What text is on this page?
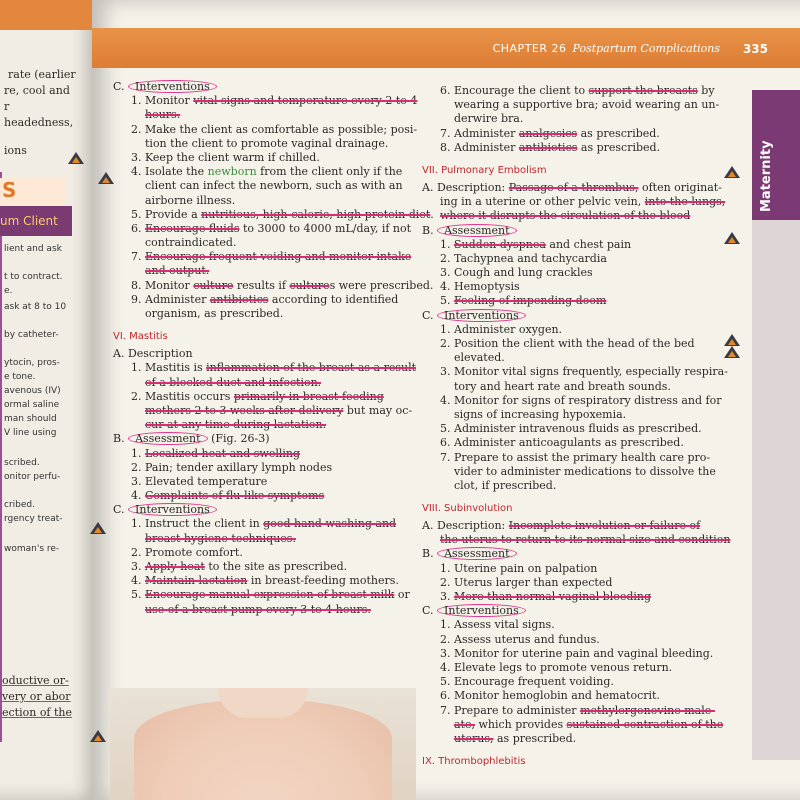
rate (earlier
re, cool and
r
headedness,
ions
lient and ask
t to contract.
e.
ask at 8 to 10
by catheter-
ytocin, pros-
e tone.
avenous (IV)
ormal saline
man should
V line using
scribed.
onitor perfu-
cribed.
rgency treat-
woman's re-
oductive or-
very or abor
ection of the
S
um Client
CHAPTER 26 Postpartum Complications 335
Maternity
C. Interventions
1. Monitor vital signs and temperature every 2 to 4
hours.
2. Make the client as comfortable as possible; posi-
tion the client to promote vaginal drainage.
3. Keep the client warm if chilled.
4. Isolate the newborn from the client only if the
client can infect the newborn, such as with an
airborne illness.
5. Provide a nutritious, high-calorie, high-protein diet
6. Encourage fluids to 3000 to 4000 mL/day, if not
contraindicated.
7. Encourage frequent voiding and monitor intake
and output.
8. Monitor culture results if cultures were prescribed.
9. Administer antibiotics according to identified
organism, as prescribed.
VI. Mastitis
A. Description
1. Mastitis is inflammation of the breast as a result
of a blocked duct and infection.
2. Mastitis occurs primarily in breast-feeding
mothers 2 to 3 weeks after delivery but may oc-
cur at any time during lactation.
B. Assessment (Fig. 26-3)
1. Localized heat and swelling
2. Pain; tender axillary lymph nodes
3. Elevated temperature
4. Complaints of flu-like symptoms
C. Interventions
1. Instruct the client in good hand-washing and
breast hygiene techniques.
2. Promote comfort.
3. Apply heat to the site as prescribed.
4. Maintain lactation in breast-feeding mothers.
5. Encourage manual expression of breast milk or
use of a breast pump every 3 to 4 hours.
6. Encourage the client to support the breasts by
wearing a supportive bra; avoid wearing an un-
derwire bra.
7. Administer analgesics as prescribed.
8. Administer antibiotics as prescribed.
VII. Pulmonary Embolism
A. Description: Passage of a thrombus, often originat-
ing in a uterine or other pelvic vein, into the lungs,
where it disrupts the circulation of the blood
B. Assessment
1. Sudden dyspnea and chest pain
2. Tachypnea and tachycardia
3. Cough and lung crackles
4. Hemoptysis
5. Feeling of impending doom
C. Interventions
1. Administer oxygen.
2. Position the client with the head of the bed
elevated.
3. Monitor vital signs frequently, especially respira-
tory and heart rate and breath sounds.
4. Monitor for signs of respiratory distress and for
signs of increasing hypoxemia.
5. Administer intravenous fluids as prescribed.
6. Administer anticoagulants as prescribed.
7. Prepare to assist the primary health care pro-
vider to administer medications to dissolve the
clot, if prescribed.
VIII. Subinvolution
A. Description: Incomplete involution or failure of
the uterus to return to its normal size and condition
B. Assessment
1. Uterine pain on palpation
2. Uterus larger than expected
3. More than normal vaginal bleeding
C. Interventions
1. Assess vital signs.
2. Assess uterus and fundus.
3. Monitor for uterine pain and vaginal bleeding.
4. Elevate legs to promote venous return.
5. Encourage frequent voiding.
6. Monitor hemoglobin and hematocrit.
7. Prepare to administer methylergonovine male-
ate, which provides sustained contraction of the
uterus, as prescribed.
IX. Thrombophlebitis
